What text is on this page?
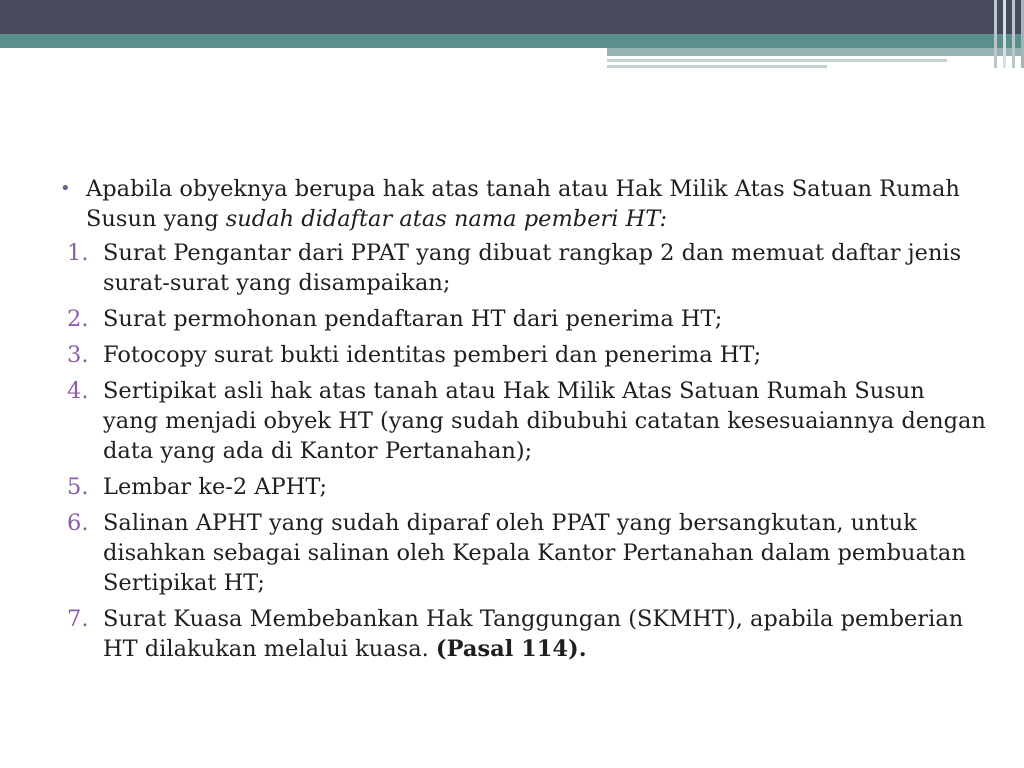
• Apabila obyeknya berupa hak atas tanah atau Hak Milik Atas Satuan Rumah Susun yang sudah didaftar atas nama pemberi HT:
1. Surat Pengantar dari PPAT yang dibuat rangkap 2 dan memuat daftar jenis surat-surat yang disampaikan;
2. Surat permohonan pendaftaran HT dari penerima HT;
3. Fotocopy surat bukti identitas pemberi dan penerima HT;
4. Sertipikat asli hak atas tanah atau Hak Milik Atas Satuan Rumah Susun yang menjadi obyek HT (yang sudah dibubuhi catatan kesesuaiannya dengan data yang ada di Kantor Pertanahan);
5. Lembar ke-2 APHT;
6. Salinan APHT yang sudah diparaf oleh PPAT yang bersangkutan, untuk disahkan sebagai salinan oleh Kepala Kantor Pertanahan dalam pembuatan Sertipikat HT;
7. Surat Kuasa Membebankan Hak Tanggungan (SKMHT), apabila pemberian HT dilakukan melalui kuasa. (Pasal 114).
